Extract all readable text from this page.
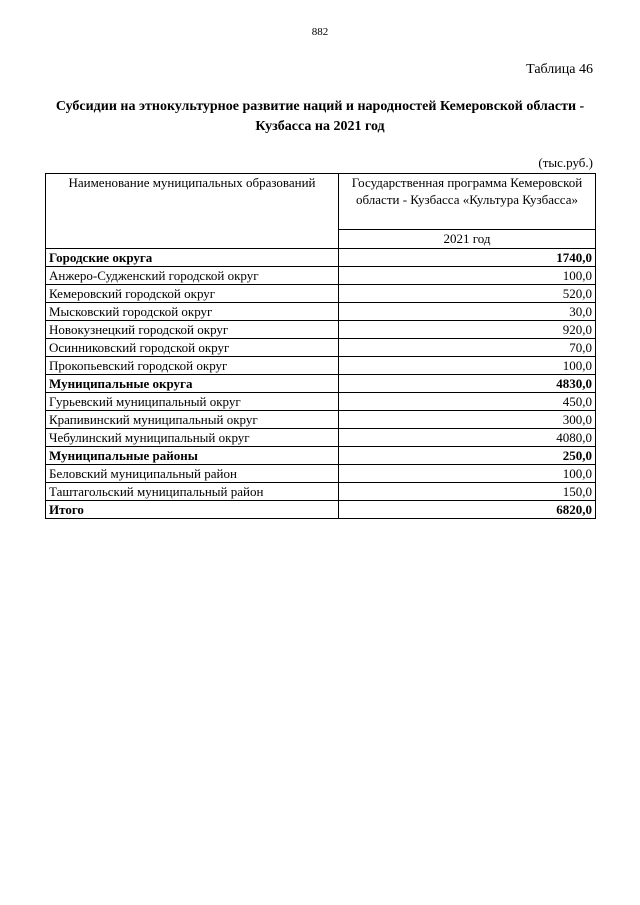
882
Таблица 46
Субсидии на этнокультурное развитие наций и народностей Кемеровской области -
Кузбасса на 2021 год
(тыс.руб.)
Наименование муниципальных образований	Государственная программа Кемеровской области - Кузбасса «Культура Кузбасса»
	2021 год
Городские округа	1740,0
Анжеро-Судженский городской округ	100,0
Кемеровский городской округ	520,0
Мысковский городской округ	30,0
Новокузнецкий городской округ	920,0
Осинниковский городской округ	70,0
Прокопьевский городской округ	100,0
Муниципальные округа	4830,0
Гурьевский муниципальный округ	450,0
Крапивинский муниципальный округ	300,0
Чебулинский муниципальный округ	4080,0
Муниципальные районы	250,0
Беловский муниципальный район	100,0
Таштагольский муниципальный район	150,0
Итого	6820,0
